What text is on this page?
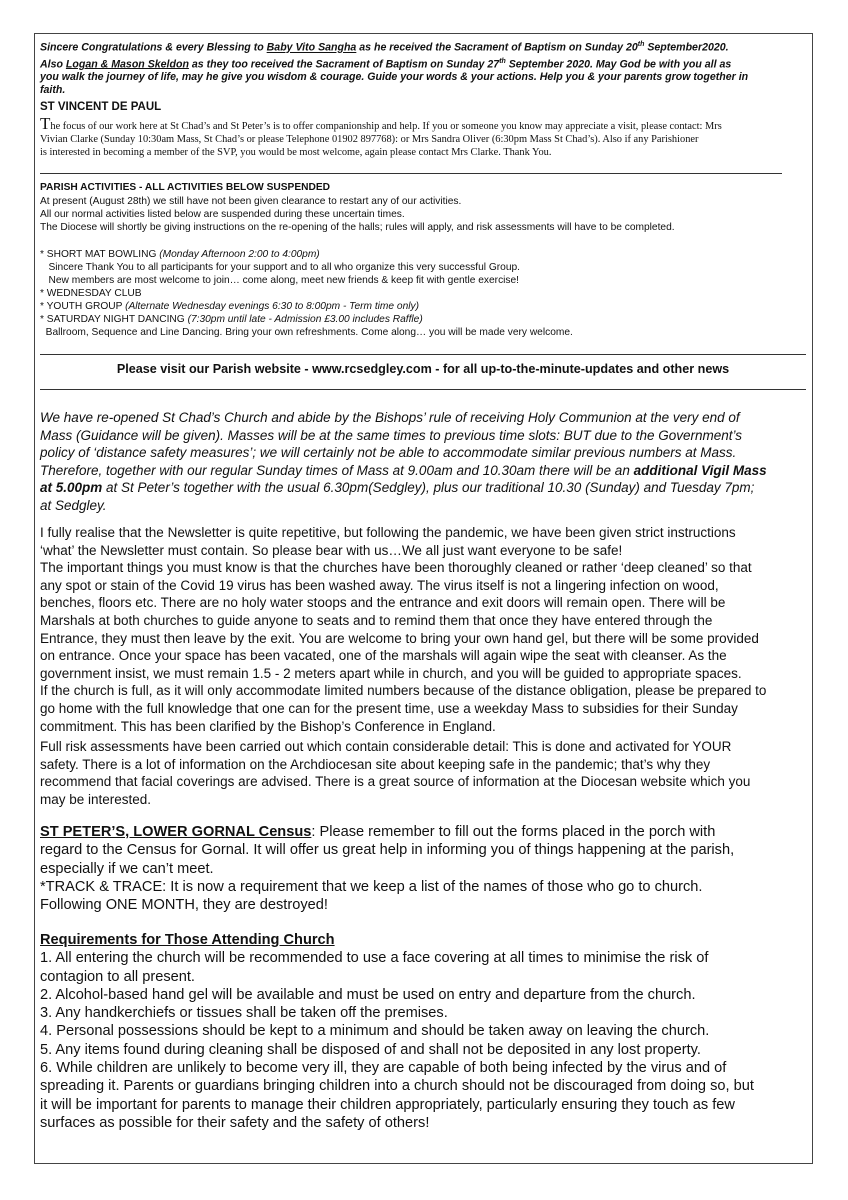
Sincere Congratulations & every Blessing to Baby Vito Sangha as he received the Sacrament of Baptism on Sunday 20th September2020.
Also Logan & Mason Skeldon as they too received the Sacrament of Baptism on Sunday 27th September 2020. May God be with you all as
you walk the journey of life, may he give you wisdom & courage. Guide your words & your actions. Help you & your parents grow together in
faith.
ST VINCENT DE PAUL
The focus of our work here at St Chad’s and St Peter’s is to offer companionship and help. If you or someone you know may appreciate a visit, please contact: Mrs
Vivian Clarke (Sunday 10:30am Mass, St Chad’s or please Telephone 01902 897768): or Mrs Sandra Oliver (6:30pm Mass St Chad’s). Also if any Parishioner
is interested in becoming a member of the SVP, you would be most welcome, again please contact Mrs Clarke. Thank You.
PARISH ACTIVITIES - ALL ACTIVITIES BELOW SUSPENDED
At present (August 28th) we still have not been given clearance to restart any of our activities.
All our normal activities listed below are suspended during these uncertain times.
The Diocese will shortly be giving instructions on the re-opening of the halls; rules will apply, and risk assessments will have to be completed.
* SHORT MAT BOWLING (Monday Afternoon 2:00 to 4:00pm)
Sincere Thank You to all participants for your support and to all who organize this very successful Group.
New members are most welcome to join… come along, meet new friends & keep fit with gentle exercise!
* WEDNESDAY CLUB
* YOUTH GROUP (Alternate Wednesday evenings 6:30 to 8:00pm - Term time only)
* SATURDAY NIGHT DANCING (7:30pm until late - Admission £3.00 includes Raffle)
Ballroom, Sequence and Line Dancing. Bring your own refreshments. Come along… you will be made very welcome.
Please visit our Parish website - www.rcsedgley.com - for all up-to-the-minute-updates and other news
We have re-opened St Chad’s Church and abide by the Bishops’ rule of receiving Holy Communion at the very end of
Mass (Guidance will be given). Masses will be at the same times to previous time slots: BUT due to the Government’s
policy of ‘distance safety measures’; we will certainly not be able to accommodate similar previous numbers at Mass.
Therefore, together with our regular Sunday times of Mass at 9.00am and 10.30am there will be an additional Vigil Mass
at 5.00pm at St Peter’s together with the usual 6.30pm(Sedgley), plus our traditional 10.30 (Sunday) and Tuesday 7pm;
at Sedgley.
I fully realise that the Newsletter is quite repetitive, but following the pandemic, we have been given strict instructions
‘what’ the Newsletter must contain. So please bear with us…We all just want everyone to be safe!
The important things you must know is that the churches have been thoroughly cleaned or rather ‘deep cleaned’ so that
any spot or stain of the Covid 19 virus has been washed away. The virus itself is not a lingering infection on wood,
benches, floors etc. There are no holy water stoops and the entrance and exit doors will remain open. There will be
Marshals at both churches to guide anyone to seats and to remind them that once they have entered through the
Entrance, they must then leave by the exit. You are welcome to bring your own hand gel, but there will be some provided
on entrance. Once your space has been vacated, one of the marshals will again wipe the seat with cleanser. As the
government insist, we must remain 1.5 - 2 meters apart while in church, and you will be guided to appropriate spaces.
If the church is full, as it will only accommodate limited numbers because of the distance obligation, please be prepared to
go home with the full knowledge that one can for the present time, use a weekday Mass to subsidies for their Sunday
commitment. This has been clarified by the Bishop’s Conference in England.
Full risk assessments have been carried out which contain considerable detail: This is done and activated for YOUR
safety. There is a lot of information on the Archdiocesan site about keeping safe in the pandemic; that’s why they
recommend that facial coverings are advised. There is a great source of information at the Diocesan website which you
may be interested.
ST PETER’S, LOWER GORNAL Census: Please remember to fill out the forms placed in the porch with
regard to the Census for Gornal. It will offer us great help in informing you of things happening at the parish,
especially if we can’t meet.
*TRACK & TRACE: It is now a requirement that we keep a list of the names of those who go to church.
Following ONE MONTH, they are destroyed!
Requirements for Those Attending Church
1. All entering the church will be recommended to use a face covering at all times to minimise the risk of
contagion to all present.
2. Alcohol-based hand gel will be available and must be used on entry and departure from the church.
3. Any handkerchiefs or tissues shall be taken off the premises.
4. Personal possessions should be kept to a minimum and should be taken away on leaving the church.
5. Any items found during cleaning shall be disposed of and shall not be deposited in any lost property.
6. While children are unlikely to become very ill, they are capable of both being infected by the virus and of
spreading it. Parents or guardians bringing children into a church should not be discouraged from doing so, but
it will be important for parents to manage their children appropriately, particularly ensuring they touch as few
surfaces as possible for their safety and the safety of others!
